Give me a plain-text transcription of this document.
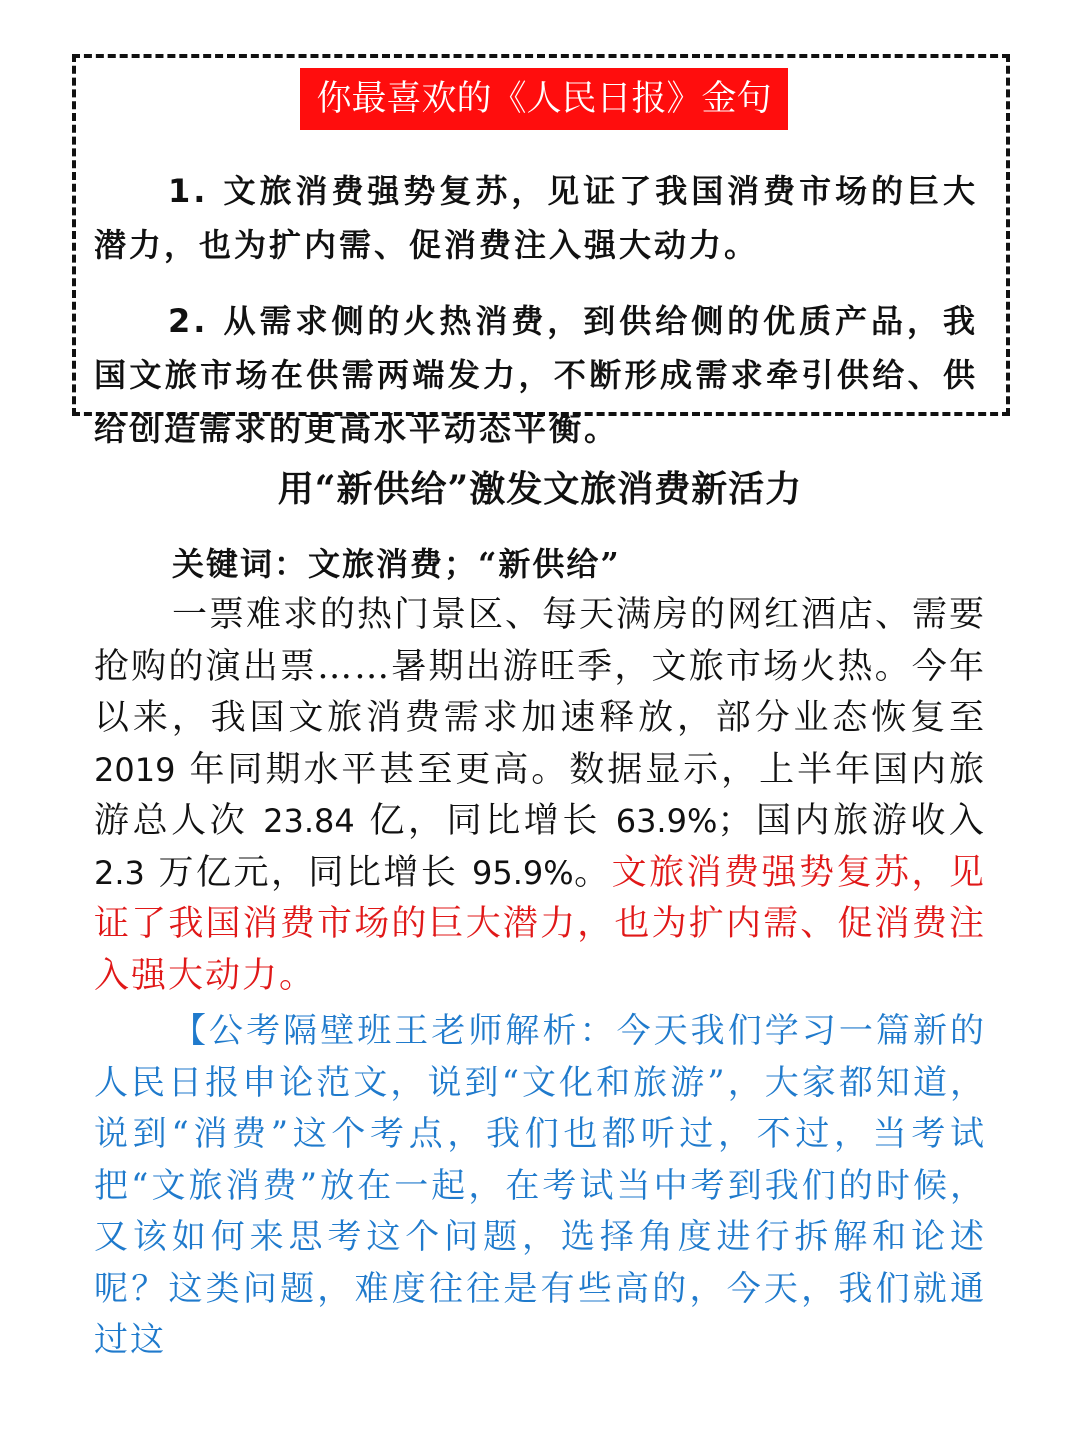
你最喜欢的《人民日报》金句

1. 文旅消费强势复苏，见证了我国消费市场的巨大潜力，也为扩内需、促消费注入强大动力。

2. 从需求侧的火热消费，到供给侧的优质产品，我国文旅市场在供需两端发力，不断形成需求牵引供给、供给创造需求的更高水平动态平衡。

用“新供给”激发文旅消费新活力

关键词：文旅消费；“新供给”

一票难求的热门景区、每天满房的网红酒店、需要抢购的演出票……暑期出游旺季，文旅市场火热。今年以来，我国文旅消费需求加速释放，部分业态恢复至2019 年同期水平甚至更高。数据显示，上半年国内旅游总人次 23.84 亿，同比增长 63.9%；国内旅游收入 2.3 万亿元，同比增长 95.9%。文旅消费强势复苏，见证了我国消费市场的巨大潜力，也为扩内需、促消费注入强大动力。

【公考隔壁班王老师解析：今天我们学习一篇新的人民日报申论范文，说到“文化和旅游”，大家都知道，说到“消费”这个考点，我们也都听过，不过，当考试把“文旅消费”放在一起，在考试当中考到我们的时候，又该如何来思考这个问题，选择角度进行拆解和论述呢？这类问题，难度往往是有些高的，今天，我们就通过这
